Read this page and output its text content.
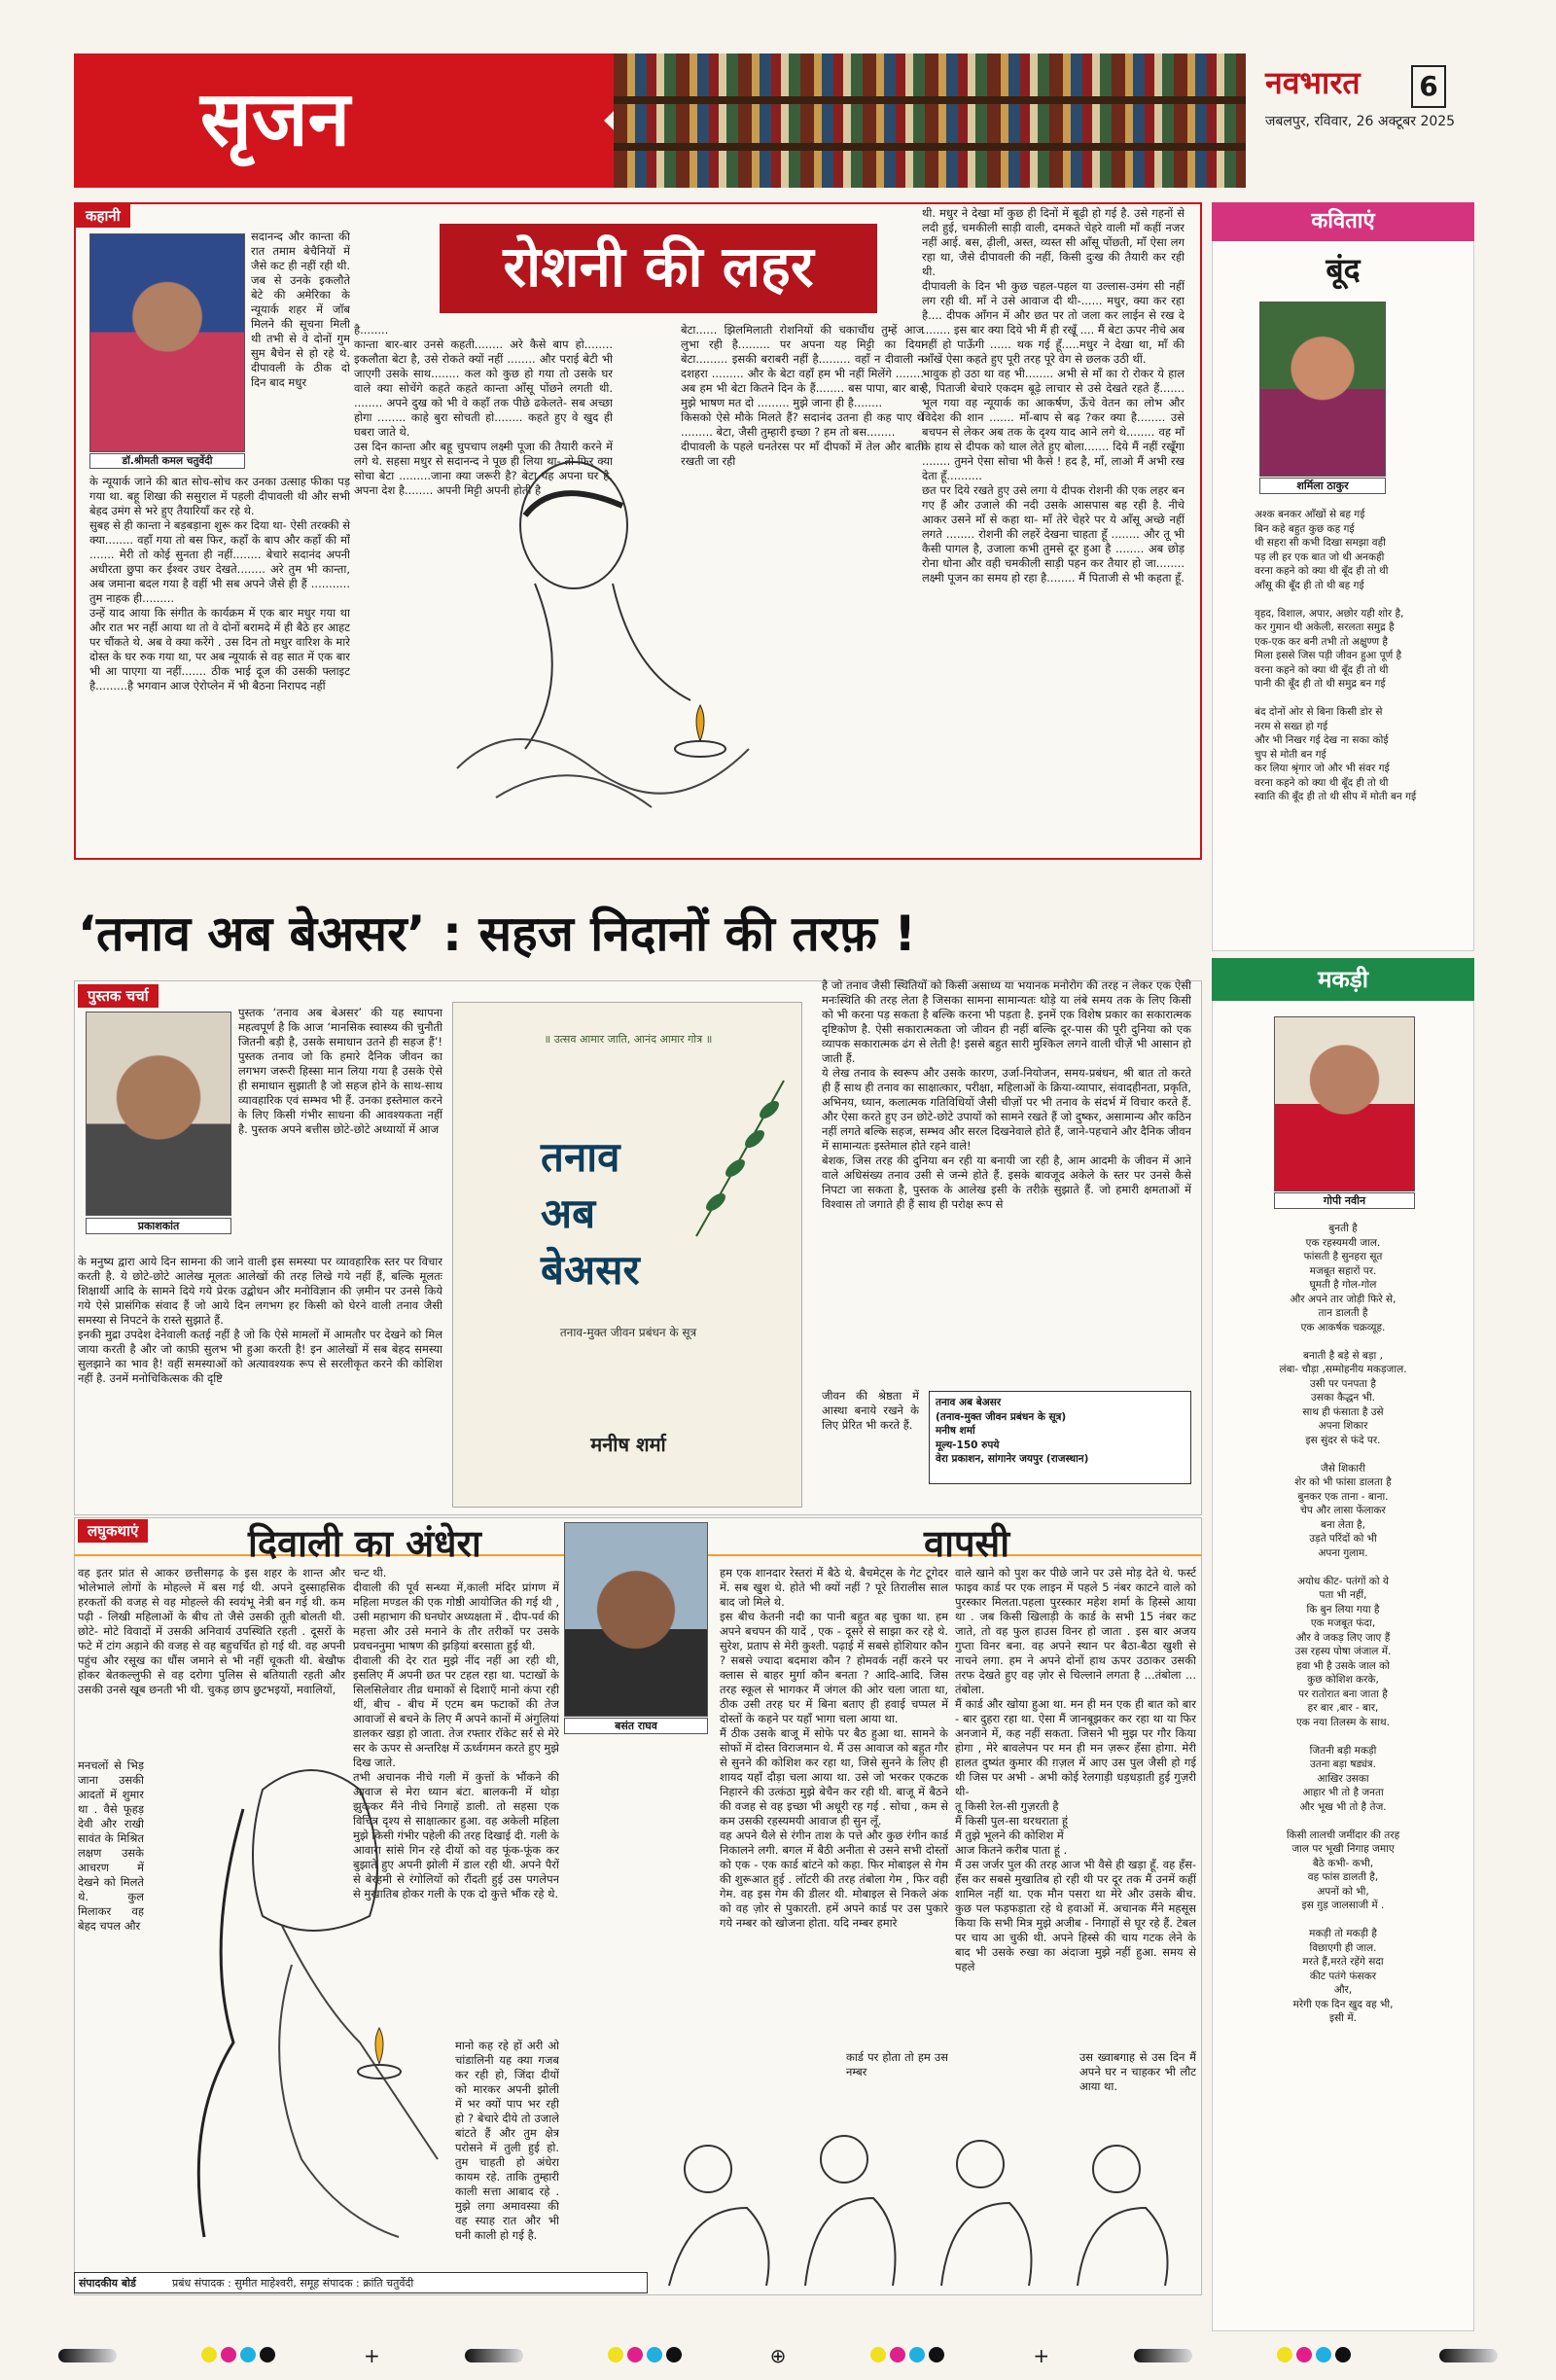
सृजन	नवभारत
जबलपुर, रविवार, 26 अक्टूबर 2025
6
कहानी
डॉ.श्रीमती कमल चतुर्वेदी
सदानन्द और कान्ता की रात तमाम बेचैनियों में जैसे कट ही नहीं रही थी. जब से उनके इकलौते बेटे की अमेरिका के न्यूयार्क शहर में जॉब मिलने की सूचना मिली थी तभी से वे दोनों गुम सुम बैचेन से हो रहे थे. दीपावली के ठीक दो दिन बाद मधुर
के न्यूयार्क जाने की बात सोच-सोच कर उनका उत्साह फीका पड़ गया था. बहू शिखा की ससुराल में पहली दीपावली थी और सभी बेहद उमंग से भरे हुए तैयारियाँ कर रहे थे.
सुबह से ही कान्ता ने बड़बड़ाना शुरू कर दिया था- ऐसी तरक्की से क्या........ वहाँ गया तो बस फिर, कहाँ के बाप और कहाँ की माँ ....... मेरी तो कोई सुनता ही नहीं........ बेचारे सदानंद अपनी अधीरता छुपा कर ईश्वर उधर देखते........ अरे तुम भी कान्ता, अब जमाना बदल गया है वहीं भी सब अपने जैसे ही हैं ........... तुम नाहक ही.........
उन्हें याद आया कि संगीत के कार्यक्रम में एक बार मधुर गया था और रात भर नहीं आया था तो वे दोनों बरामदे में ही बैठे हर आहट पर चौंकते थे. अब वे क्या करेंगे . उस दिन तो मधुर वारिश के मारे दोस्त के घर रुक गया था, पर अब न्यूयार्क से वह सात में एक बार भी आ पाएगा या नहीं....... ठीक भाई दूज की उसकी फ्लाइट है.........है भगवान आज ऐरोप्लेन में भी बैठना निरापद नहीं
रोशनी की लहर
है........
कान्ता बार-बार उनसे कहती........ अरे कैसे बाप हो........ इकलौता बेटा है, उसे रोकते क्यों नहीं ........ और पराई बेटी भी जाएगी उसके साथ........ कल को कुछ हो गया तो उसके घर वाले क्या सोचेंगे कहते कहते कान्ता आँसू पोंछने लगती थी. ........ अपने दुख को भी वे कहाँ तक पीछे ढकेलते- सब अच्छा होगा ........ काहे बुरा सोचती हो........ कहते हुए वे खुद ही घबरा जाते थे.
उस दिन कान्ता और बहू चुपचाप लक्ष्मी पूजा की तैयारी करने में लगे थे. सहसा मधुर से सदानन्द ने पूछ ही लिया था- तो फिर क्या सोचा बेटा .........जाना क्या जरूरी है? बेटा यह अपना घर है, अपना देश है........ अपनी मिट्टी अपनी होती है
बेटा...... झिलमिलाती रोशनियों की चकाचौंध तुम्हें आज लुभा रही है......... पर अपना यह मिट्टी का दिया बेटा......... इसकी बराबरी नहीं है......... वहाँ न दीवाली न दशहरा ......... और के बेटा वहाँ हम भी नहीं मिलेंगे ........ अब हम भी बेटा कितने दिन के हैं........ बस पापा, बार बार मुझे भाषण मत दो ......... मुझे जाना ही है........
किसको ऐसे मौके मिलते हैं? सदानंद उतना ही कह पाए थे ......... बेटा, जैसी तुम्हारी इच्छा ? हम तो बस........
दीपावली के पहले धनतेरस पर माँ दीपकों में तेल और बाती रखती जा रही
थी. मधुर ने देखा माँ कुछ ही दिनों में बूढ़ी हो गई है. उसे गहनों से लदी हुई, चमकीली साड़ी वाली, दमकते चेहरे वाली माँ कहीं नजर नहीं आई. बस, ढ़ीली, अस्त, व्यस्त सी आँसू पोंछती, माँ ऐसा लग रहा था, जैसे दीपावली की नहीं, किसी दुःख की तैयारी कर रही थी.
दीपावली के दिन भी कुछ चहल-पहल या उल्लास-उमंग सी नहीं लग रही थी. माँ ने उसे आवाज दी थी-...... मधुर, क्या कर रहा है.... दीपक आँगन में और छत पर तो जला कर लाईन से रख दे ........ इस बार क्या दिये भी मैं ही रखूँ .... मैं बेटा ऊपर नीचे अब नहीं हो पाऊँगी ...... थक गई हूँ.....मधुर ने देखा था, माँ की आँखें ऐसा कहते हुए पूरी तरह पूरे वेग से छलक उठी थीं.
भावुक हो उठा था वह भी........ अभी से माँ का रो रोकर ये हाल है, पिताजी बेचारे एकदम बूढ़े लाचार से उसे देखते रहते हैं....... भूल गया वह न्यूयार्क का आकर्षण, ऊँचे वेतन का लोभ और विदेश की शान ....... माँ-बाप से बढ़ ?कर क्या है........ उसे बचपन से लेकर अब तक के दृश्य याद आने लगे थे........ वह माँ के हाथ से दीपक को थाल लेते हुए बोला....... दिये मैं नहीं रखूँगा ........ तुमने ऐसा सोचा भी कैसे ! हद है, माँ, लाओ मैं अभी रख देता हूँ..........
छत पर दिये रखते हुए उसे लगा ये दीपक रोशनी की एक लहर बन गए हैं और उजाले की नदी उसके आसपास बह रही है. नीचे आकर उसने माँ से कहा था- माँ तेरे चेहरे पर ये आँसू अच्छे नहीं लगते ........ रोशनी की लहरें देखना चाहता हूँ ........ और तू भी कैसी पागल है, उजाला कभी तुमसे दूर हुआ है ........ अब छोड़ रोना धोना और वही चमकीली साड़ी पहन कर तैयार हो जा........ लक्ष्मी पूजन का समय हो रहा है........ मैं पिताजी से भी कहता हूँ.
कविताएं
बूंद
शर्मिला ठाकुर
अश्क बनकर आँखों से बह गई
बिन कहे बहुत कुछ कह गई
थी सहरा सी कभी दिखा समझा वही
पड़ ली हर एक बात जो थी अनकही
वरना कहने को क्या थी बूँद ही तो थी
आँसू की बूँद ही तो थी बह गई

वृहद, विशाल, अपार, अछोर यही शोर है,
कर गुमान थी अकेली, सरलता समुद्र है
एक-एक कर बनी तभी तो अक्षुण्ण है
मिला इससे जिस पड़ी जीवन हुआ पूर्ण है
वरना कहने को क्या थी बूँद ही तो थी
पानी की बूँद ही तो थी समुद्र बन गई

बंद दोनों ओर से बिना किसी डोर से
नरम से सख्त हो गई
और भी निखर गई देख ना सका कोई
चुप से मोती बन गई
कर लिया श्रृंगार जो और भी संवर गई
वरना कहने को क्या थी बूँद ही तो थी
स्वाति की बूँद ही तो थी सीप में मोती बन गई
मकड़ी
गोपी नवीन
बुनती है
एक रहस्यमयी जाल.
फांसती है सुनहरा सूत
मजबूत सहारों पर.
घूमती है गोल-गोल
और अपने तार जोड़ी फिरे से,
तान डालती है
एक आकर्षक चक्रव्यूह.

बनाती है बड़े से बड़ा ,
लंबा- चौड़ा ,सम्मोहनीय मकड़जाल.
उसी पर पनपता है
उसका कैद्धन भी.
साथ ही फंसाता है उसे
अपना शिकार
इस सुंदर से फंदे पर.

जैसे शिकारी
शेर को भी फांसा डालता है
बुनकर एक ताना - बाना.
चेप और लासा फेंलाकर
बना लेता है,
उड़ते परिंदों को भी
अपना गुलाम.

अयोध कीट- पतंगों को ये
पता भी नहीं,
कि बुन लिया गया है
एक मजबूत फंदा,
और वे जकड़ लिए जाए हैं
उस रहस्य पोषा जंजाल में.
हवा भी है उसके जाल को
कुछ कोशिश करके,
पर रातोरात बना जाता है
हर बार ,बार - बार,
एक नया तिलस्म के साथ.

जितनी बड़ी मकड़ी
उतना बड़ा षड्यंत्र.
आखिर उसका
आहार भी तो है जनता
और भूख भी तो है तेज.

किसी लालची जमींदार की तरह
जाल पर भूखी निगाह जमाए
बैठे कभी- कभी,
वह फांस डालती है,
अपनों को भी,
इस ग़ुड़ जालसाजी में .

मकड़ी तो मकड़ी है
विछाएगी ही जाल.
मरते हैं,मरते रहेंगे सदा
कीट पतंगे फंसकर
और,
मरेगी एक दिन खुद वह भी,
इसी में.
‘तनाव अब बेअसर’ : सहज निदानों की तरफ़ !
पुस्तक चर्चा
प्रकाशकांत
पुस्तक ‘तनाव अब बेअसर’ की यह स्थापना महत्वपूर्ण है कि आज ‘मानसिक स्वास्थ्य की चुनौती जितनी बड़ी है, उसके समाधान उतने ही सहज हैं’! पुस्तक तनाव जो कि हमारे दैनिक जीवन का लगभग जरूरी हिस्सा मान लिया गया है उसके ऐसे ही समाधान सुझाती है जो सहज होने के साथ-साथ व्यावहारिक एवं सम्भव भी हैं. उनका इस्तेमाल करने के लिए किसी गंभीर साधना की आवश्यकता नहीं है. पुस्तक अपने बत्तीस छोटे-छोटे अध्यायों में आज
के मनुष्य द्वारा आये दिन सामना की जाने वाली इस समस्या पर व्यावहारिक स्तर पर विचार करती है. ये छोटे-छोटे आलेख मूलतः आलेखों की तरह लिखे गये नहीं हैं, बल्कि मूलतः शिक्षार्थी आदि के सामने दिये गये प्रेरक उद्बोधन और मनोविज्ञान की ज़मीन पर उनसे किये गये ऐसे प्रासंगिक संवाद हैं जो आये दिन लगभग हर किसी को घेरने वाली तनाव जैसी समस्या से निपटने के रास्ते सुझाते हैं.
इनकी मुद्रा उपदेश देनेवाली कतई नहीं है जो कि ऐसे मामलों में आमतौर पर देखने को मिल जाया करती है और जो काफ़ी सुलभ भी हुआ करती है! इन आलेखों में सब बेहद समस्या सुलझाने का भाव है! वहीं समस्याओं को अत्यावश्यक रूप से सरलीकृत करने की कोशिश नहीं है. उनमें मनोचिकित्सक की दृष्टि
॥ उत्सव आमार जाति, आनंद आमार गोत्र ॥
तनाव अब बेअसर
तनाव-मुक्त जीवन प्रबंधन के सूत्र
मनीष शर्मा
है जो तनाव जैसी स्थितियों को किसी असाध्य या भयानक मनोरोग की तरह न लेकर एक ऐसी मनःस्थिति की तरह लेता है जिसका सामना सामान्यतः थोड़े या लंबे समय तक के लिए किसी को भी करना पड़ सकता है बल्कि करना भी पड़ता है. इनमें एक विशेष प्रकार का सकारात्मक दृष्टिकोण है. ऐसी सकारात्मकता जो जीवन ही नहीं बल्कि दूर-पास की पूरी दुनिया को एक व्यापक सकारात्मक ढंग से लेती है! इससे बहुत सारी मुश्किल लगने वाली चीज़ें भी आसान हो जाती हैं.
ये लेख तनाव के स्वरूप और उसके कारण, उर्जा-नियोजन, समय-प्रबंधन, श्री बात तो करते ही हैं साथ ही तनाव का साक्षात्कार, परीक्षा, महिलाओं के क्रिया-व्यापार, संवादहीनता, प्रकृति, अभिनय, ध्यान, कलात्मक गतिविधियों जैसी चीज़ों पर भी तनाव के संदर्भ में विचार करते हैं. और ऐसा करते हुए उन छोटे-छोटे उपायों को सामने रखते हैं जो दुष्कर, असामान्य और कठिन नहीं लगते बल्कि सहज, सम्भव और सरल दिखनेवाले होते हैं, जाने-पहचाने और दैनिक जीवन में सामान्यतः इस्तेमाल होते रहने वाले!
बेशक, जिस तरह की दुनिया बन रही या बनायी जा रही है, आम आदमी के जीवन में आने वाले अधिसंख्य तनाव उसी से जन्मे होते हैं. इसके बावजूद अकेले के स्तर पर उनसे कैसे निपटा जा सकता है, पुस्तक के आलेख इसी के तरीक़े सुझाते हैं. जो हमारी क्षमताओं में विश्वास तो जगाते ही हैं साथ ही परोक्ष रूप से
जीवन की श्रेष्ठता में आस्था बनाये रखने के लिए प्रेरित भी करते हैं.
तनाव अब बेअसर
(तनाव-मुक्त जीवन प्रबंधन के सूत्र)
मनीष शर्मा
मूल्य-150 रुपये
वेरा प्रकाशन, सांगानेर जयपुर (राजस्थान)
लघुकथाएं	दिवाली का अंधेरा	वापसी
वह इतर प्रांत से आकर छत्तीसगढ़ के इस शहर के शान्त और भोलेभाले लोगों के मोहल्ले में बस गई थी. अपने दुस्साहसिक हरकतों की वजह से वह मोहल्ले की स्वयंभू नेत्री बन गई थी. कम पढ़ी - लिखी महिलाओं के बीच तो जैसे उसकी तूती बोलती थी. छोटे- मोटे विवादों में उसकी अनिवार्य उपस्थिति रहती . दूसरों के फटे में टांग अड़ाने की वजह से वह बहुचर्चित हो गई थी. वह अपनी पहुंच और रसूख का धौंस जमाने से भी नहीं चूकती थी. बेखौफ होकर बेतकल्लुफी से वह दरोगा पुलिस से बतियाती रहती और उसकी उनसे खूब छनती भी थी. चुकड़ छाप छुटभइयों, मवालियों,
मनचलों से भिड़ जाना उसकी आदतों में शुमार था . वैसे फूहड़ देवी और राखी सावंत के मिश्रित लक्षण उसके आचरण में देखने को मिलते थे. कुल मिलाकर वह बेहद चपल और
चन्ट थी.
दीवाली की पूर्व सन्ध्या में,काली मंदिर प्रांगण में महिला मण्डल की एक गोष्ठी आयोजित की गई थी , उसी महाभाग की घनघोर अध्यक्षता में . दीप-पर्व की महत्ता और उसे मनाने के तौर तरीकों पर उसके प्रवचननुमा भाषण की झड़ियां बरसाता हुई थी.
दीवाली की देर रात मुझे नींद नहीं आ रही थी, इसलिए मैं अपनी छत पर टहल रहा था. पटाखों के सिलसिलेवार तीव्र धमाकों से दिशाएँ मानो कंपा रही थीं, बीच - बीच में एटम बम फटाकों की तेज आवाजों से बचने के लिए मैं अपने कानों में अंगुलियां डालकर खड़ा हो जाता. तेज रफ्तार रॉकेट सर्र से मेरे सर के ऊपर से अन्तरिक्ष में ऊर्ध्वगमन करते हुए मुझे दिख जाते.
तभी अचानक नीचे गली में कुत्तों के भौंकने की आवाज से मेरा ध्यान बंटा. बालकनी में थोड़ा झुककर मैंने नीचे निगाहें डाली. तो सहसा एक विचित्र दृश्य से साक्षात्कार हुआ. वह अकेली महिला मुझे किसी गंभीर पहेली की तरह दिखाई दी. गली के आवारा सांसे गिन रहे दीयों को वह फूंक-फूंक कर बुझाते हुए अपनी झोली में डाल रही थी. अपने पैरों से बेरहमी से रंगोलियों को रौंदती हुई उस पगलेपन से मुखातिब होकर गली के एक दो कुत्ते भौंक रहे थे.
मानो कह रहे हों अरी ओ चांडालिनी यह क्या गजब कर रही हो, जिंदा दीयों को मारकर अपनी झोली में भर क्यों पाप भर रही हो ? बेचारे दीये तो उजाले बांटते हैं और तुम क्षेत्र परोसने में तुली हुई हो. तुम चाहती हो अंधेरा कायम रहे. ताकि तुम्हारी काली सत्ता आबाद रहे . मुझे लगा अमावस्या की वह स्याह रात और भी घनी काली हो गई है.
बसंत राघव
हम एक शानदार रेस्तरां में बैठे थे. बैचमेट्स के गेट टूगेदर में. सब खुश थे. होते भी क्यों नहीं ? पूरे तिरालीस साल बाद जो मिले थे.
इस बीच केतनी नदी का पानी बहुत बह चुका था. हम अपने बचपन की यादें , एक - दूसरे से साझा कर रहे थे. सुरेश, प्रताप से मेरी कुश्ती. पढ़ाई में सबसे होशियार कौन ? सबसे ज्यादा बदमाश कौन ? होमवर्क नहीं करने पर क्लास से बाहर मुर्गा कौन बनता ? आदि-आदि. जिस तरह स्कूल से भागकर मैं जंगल की ओर चला जाता था, ठीक उसी तरह घर में बिना बताए ही हवाई चप्पल में दोस्तों के कहने पर यहाँ भागा चला आया था.
मैं ठीक उसके बाजू में सोफे पर बैठ हुआ था. सामने के सोफों में दोस्त विराजमान थे. मैं उस आवाज को बहुत गौर से सुनने की कोशिश कर रहा था, जिसे सुनने के लिए ही शायद यहाँ दौड़ा चला आया था. उसे जो भरकर एकटक निहारने की उत्कंठा मुझे बेचैन कर रही थी. बाजू में बैठने की वजह से वह इच्छा भी अधूरी रह गई . सोचा , कम से कम उसकी रहस्यमयी आवाज ही सुन लूँ.
वह अपने थैले से रंगीन ताश के पत्ते और कुछ रंगीन कार्ड निकालने लगी. बगल में बैठी अनीता से उसने सभी दोस्तों को एक - एक कार्ड बांटने को कहा. फिर मोबाइल से गेम की शुरूआत हुई . लॉटरी की तरह तंबोला गेम , फिर वही गेम. वह इस गेम की डीलर थी. मोबाइल से निकले अंक को वह ज़ोर से पुकारती. हमें अपने कार्ड पर उस पुकारे गये नम्बर को खोजना होता. यदि नम्बर हमारे
कार्ड पर होता तो हम उस नम्बर
वाले खाने को पुश कर पीछे जाने पर उसे मोड़ देते थे. फर्स्ट फाइव कार्ड पर एक लाइन में पहले 5 नंबर काटने वाले को पुरस्कार मिलता.पहला पुरस्कार महेश शर्मा के हिस्से आया था . जब किसी खिलाड़ी के कार्ड के सभी 15 नंबर कट जाते, तो वह फुल हाउस विनर हो जाता . इस बार अजय गुप्ता विनर बना. वह अपने स्थान पर बैठा-बैठा खुशी से नाचने लगा. हम ने अपने दोनों हाथ ऊपर उठाकर उसकी तरफ देखते हुए वह ज़ोर से चिल्लाने लगता है ...तंबोला ... तंबोला.
मैं कार्ड और खोया हुआ था. मन ही मन एक ही बात को बार - बार दुहरा रहा था. ऐसा मैं जानबूझकर कर रहा था या फिर अनजाने में, कह नहीं सकता. जिसने भी मुझ पर गौर किया होगा , मेरे बावलेपन पर मन ही मन ज़रूर हँसा होगा. मेरी हालत दुष्यंत कुमार की ग़ज़ल में आए उस पुल जैसी हो गई थी जिस पर अभी - अभी कोई रेलगाड़ी धड़धड़ाती हुई गुज़री थी-
तू किसी रेल-सी गुज़रती है
मैं किसी पुल-सा थरथराता हूं
मैं तुझे भूलने की कोशिश में
आज कितने करीब पाता हूं .
मैं उस जर्जर पुल की तरह आज भी वैसे ही खड़ा हूँ. वह हँस- हँस कर सबसे मुखातिब हो रही थी पर दूर तक मैं उनमें कहीं शामिल नहीं था. एक मौन पसरा था मेरे और उसके बीच. कुछ पल फड़फड़ाता रहे थे हवाओं में. अचानक मैंने महसूस किया कि सभी मित्र मुझे अजीब - निगाहों से घूर रहे हैं. टेबल पर चाय आ चुकी थी. अपने हिस्से की चाय गटक लेने के बाद भी उसके रुखा का अंदाजा मुझे नहीं हुआ. समय से पहले
उस ख्वाबगाह से उस दिन मैं अपने घर न चाहकर भी लौट आया था.
संपादकीय बोर्ड	प्रबंध संपादक : सुमीत माहेश्वरी, समूह संपादक : क्रांति चतुर्वेदी
+	⊕	+
